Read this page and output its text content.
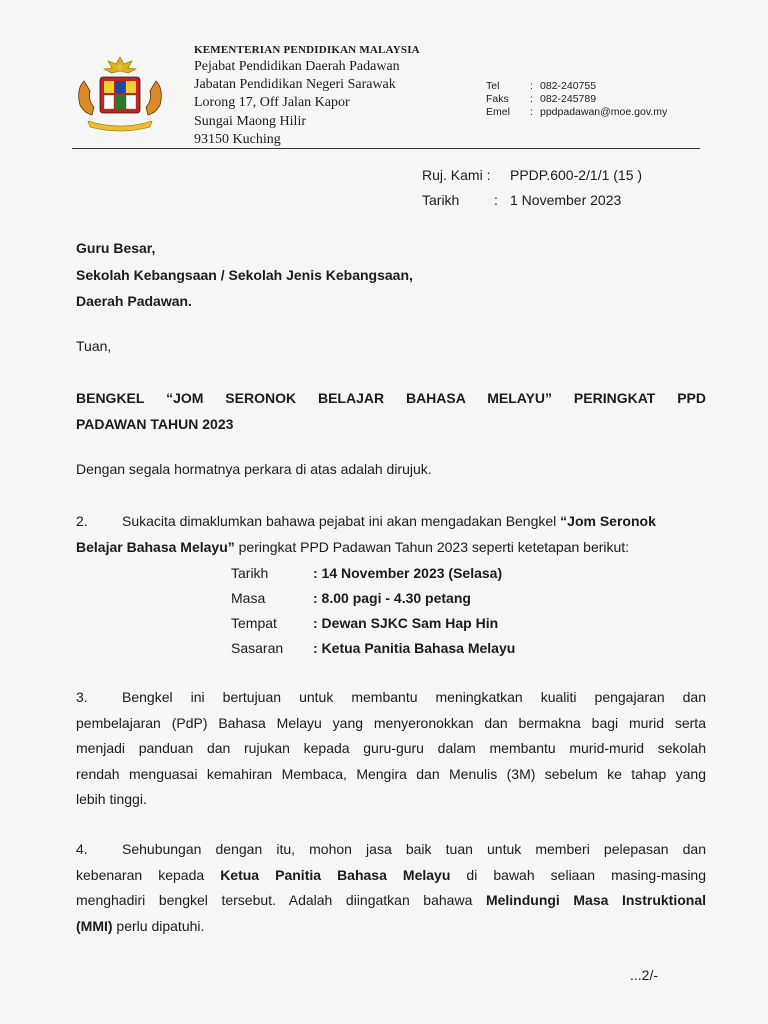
KEMENTERIAN PENDIDIKAN MALAYSIA
Pejabat Pendidikan Daerah Padawan
Jabatan Pendidikan Negeri Sarawak
Lorong 17, Off Jalan Kapor
Sungai Maong Hilir
93150 Kuching
Tel	: 082-240755
Faks	: 082-245789
Emel	: ppdpadawan@moe.gov.my
Ruj. Kami :	PPDP.600-2/1/1 (15 )
Tarikh	: 1 November 2023
Guru Besar,
Sekolah Kebangsaan / Sekolah Jenis Kebangsaan,
Daerah Padawan.
Tuan,
BENGKEL “JOM SERONOK BELAJAR BAHASA MELAYU” PERINGKAT PPD
PADAWAN TAHUN 2023
Dengan segala hormatnya perkara di atas adalah dirujuk.
2. Sukacita dimaklumkan bahawa pejabat ini akan mengadakan Bengkel “Jom Seronok
Belajar Bahasa Melayu” peringkat PPD Padawan Tahun 2023 seperti ketetapan berikut:
Tarikh	: 14 November 2023 (Selasa)
Masa	: 8.00 pagi - 4.30 petang
Tempat	: Dewan SJKC Sam Hap Hin
Sasaran	: Ketua Panitia Bahasa Melayu
3. Bengkel ini bertujuan untuk membantu meningkatkan kualiti pengajaran dan
pembelajaran (PdP) Bahasa Melayu yang menyeronokkan dan bermakna bagi murid serta
menjadi panduan dan rujukan kepada guru-guru dalam membantu murid-murid sekolah
rendah menguasai kemahiran Membaca, Mengira dan Menulis (3M) sebelum ke tahap yang
lebih tinggi.
4. Sehubungan dengan itu, mohon jasa baik tuan untuk memberi pelepasan dan
kebenaran kepada Ketua Panitia Bahasa Melayu di bawah seliaan masing-masing
menghadiri bengkel tersebut. Adalah diingatkan bahawa Melindungi Masa Instruktional
(MMI) perlu dipatuhi.
...2/-
